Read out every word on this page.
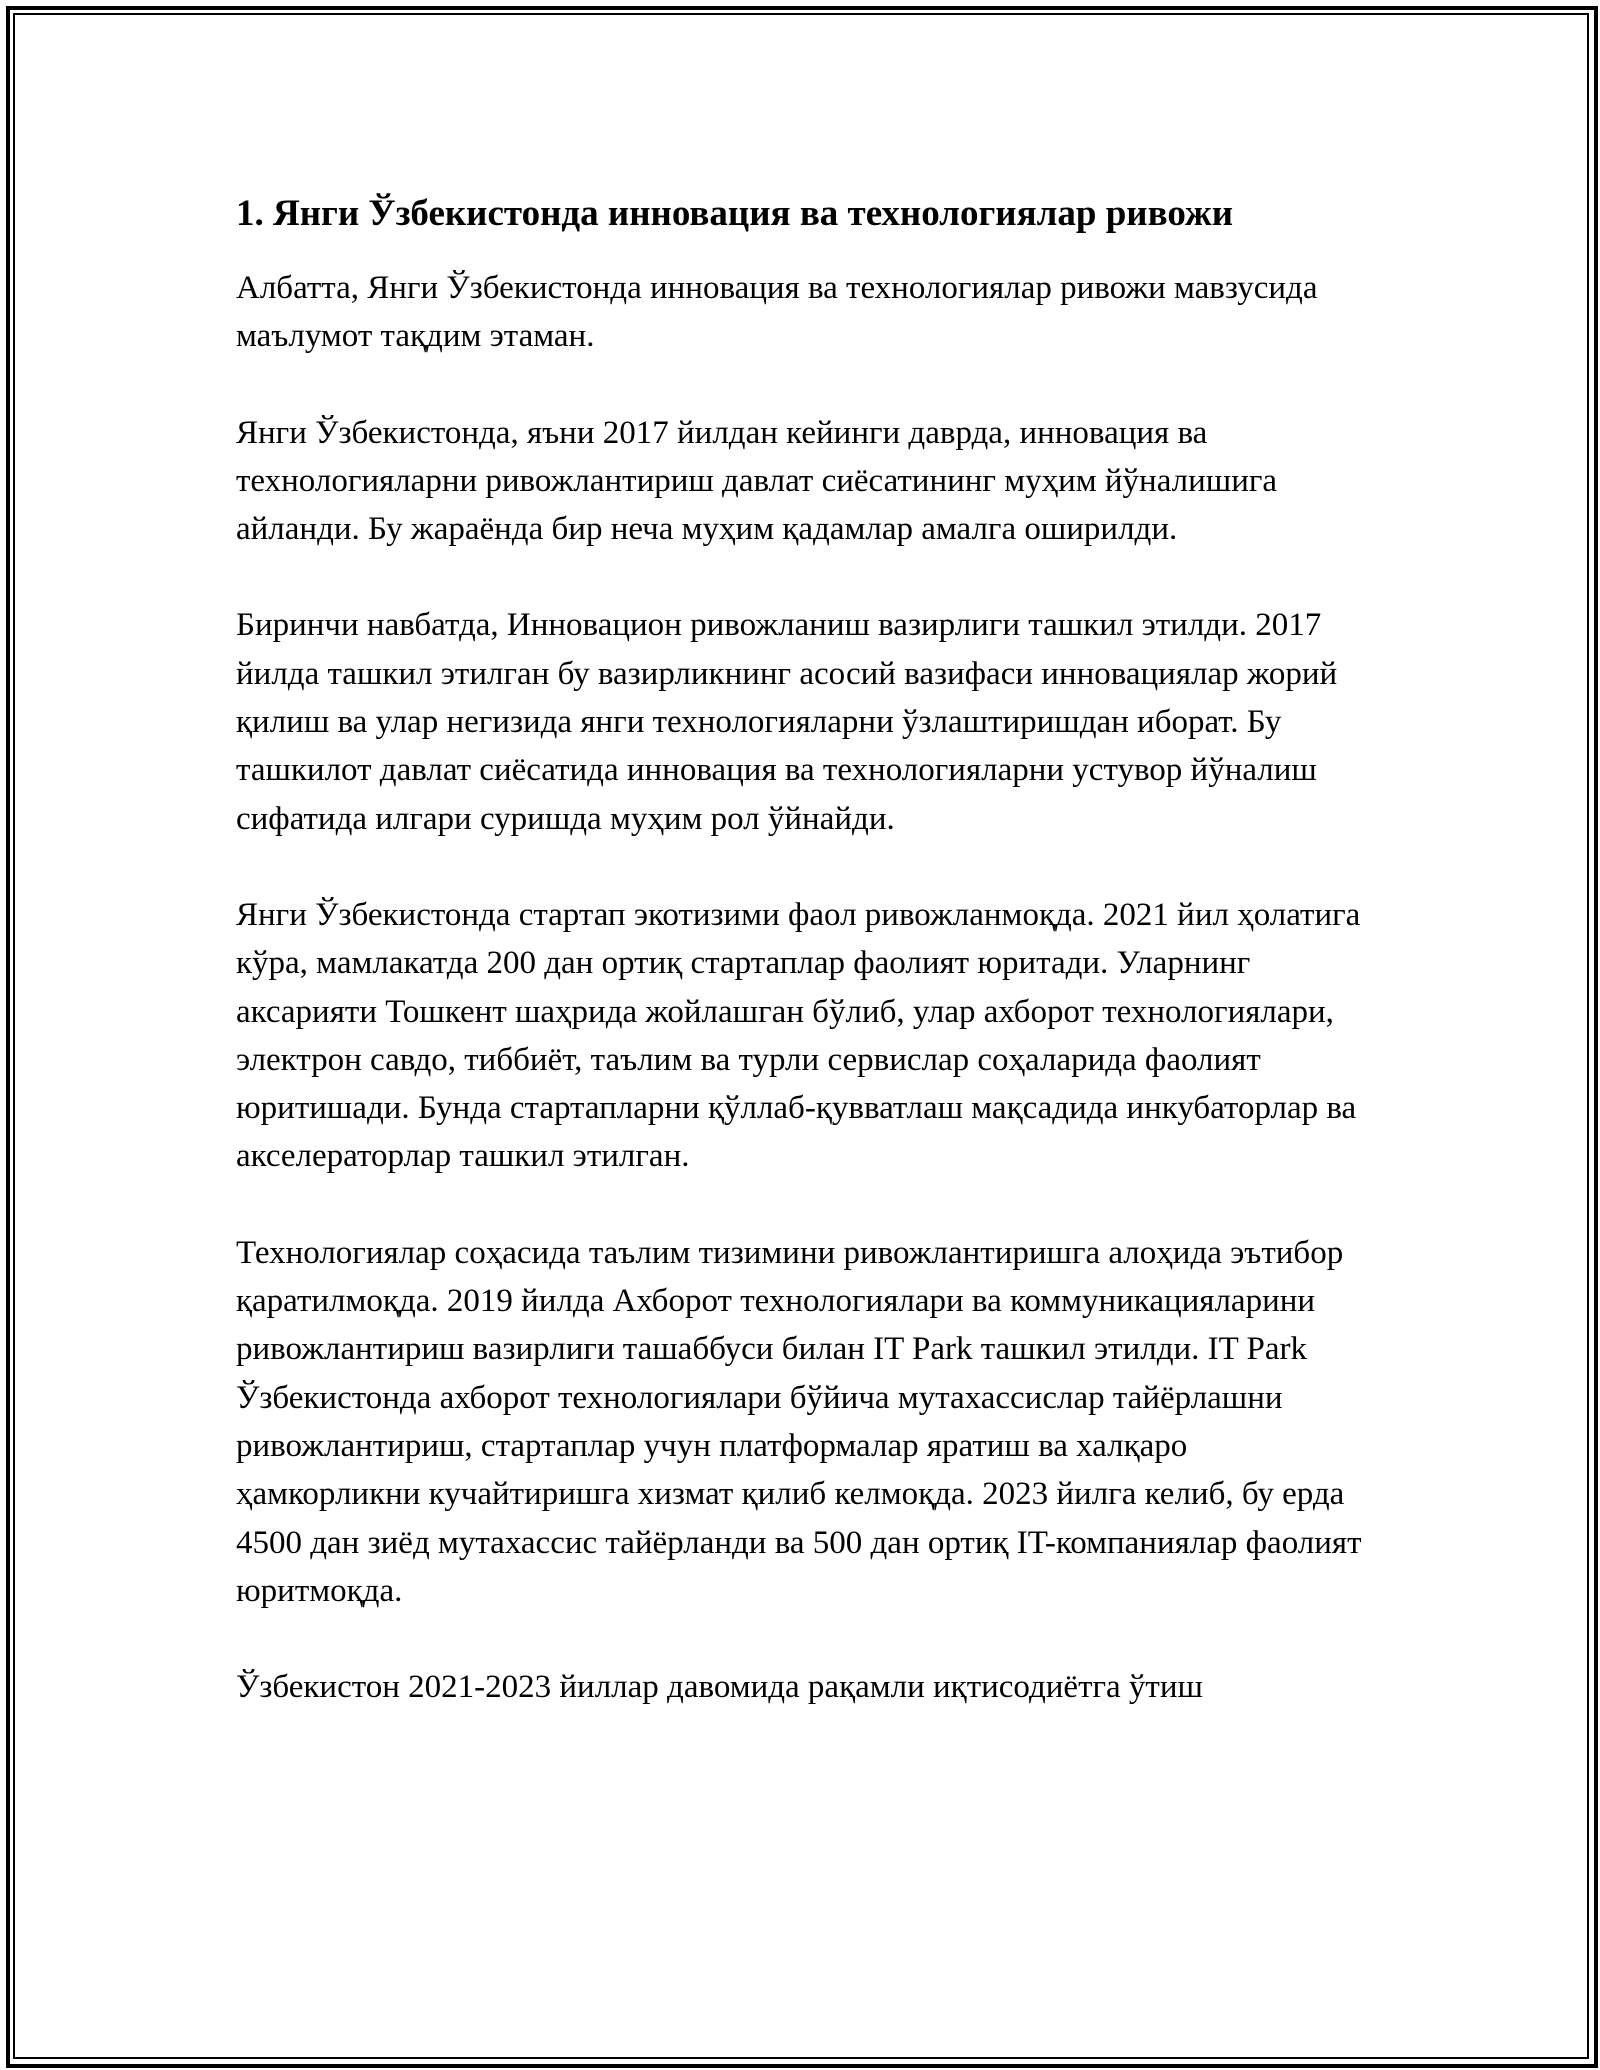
1. Янги Ўзбекистонда инновация ва технологиялар ривожи

Албатта, Янги Ўзбекистонда инновация ва технологиялар ривожи мавзусида маълумот тақдим этаман.

Янги Ўзбекистонда, яъни 2017 йилдан кейинги даврда, инновация ва технологияларни ривожлантириш давлат сиёсатининг муҳим йўналишига айланди. Бу жараёнда бир неча муҳим қадамлар амалга оширилди.

Биринчи навбатда, Инновацион ривожланиш вазирлиги ташкил этилди. 2017 йилда ташкил этилган бу вазирликнинг асосий вазифаси инновациялар жорий қилиш ва улар негизида янги технологияларни ўзлаштиришдан иборат. Бу ташкилот давлат сиёсатида инновация ва технологияларни устувор йўналиш сифатида илгари суришда муҳим рол ўйнайди.

Янги Ўзбекистонда стартап экотизими фаол ривожланмоқда. 2021 йил ҳолатига кўра, мамлакатда 200 дан ортиқ стартаплар фаолият юритади. Уларнинг аксарияти Тошкент шаҳрида жойлашган бўлиб, улар ахборот технологиялари, электрон савдо, тиббиёт, таълим ва турли сервислар соҳаларида фаолият юритишади. Бунда стартапларни қўллаб-қувватлаш мақсадида инкубаторлар ва акселераторлар ташкил этилган.

Технологиялар соҳасида таълим тизимини ривожлантиришга алоҳида эътибор қаратилмоқда. 2019 йилда Ахборот технологиялари ва коммуникацияларини ривожлантириш вазирлиги ташаббуси билан IT Park ташкил этилди. IT Park Ўзбекистонда ахборот технологиялари бўйича мутахассислар тайёрлашни ривожлантириш, стартаплар учун платформалар яратиш ва халқаро ҳамкорликни кучайтиришга хизмат қилиб келмоқда. 2023 йилга келиб, бу ерда 4500 дан зиёд мутахассис тайёрланди ва 500 дан ортиқ IT-компаниялар фаолият юритмоқда.

Ўзбекистон 2021-2023 йиллар давомида рақамли иқтисодиётга ўтиш
